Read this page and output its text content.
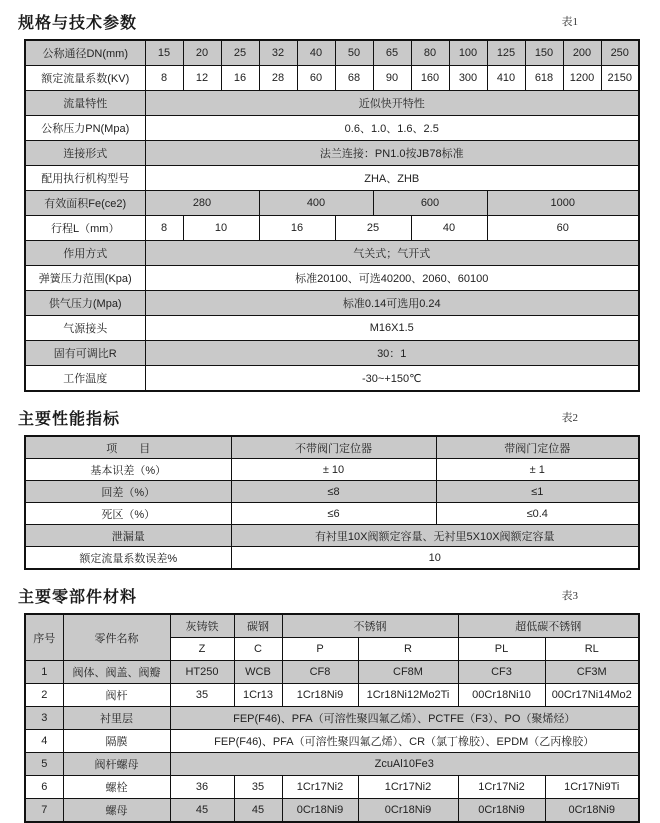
规格与技术参数	表1
公称通径DN(mm)	15	20	25	32	40	50	65	80	100	125	150	200	250
额定流量系数(KV)	8	12	16	28	60	68	90	160	300	410	618	1200	2150
流量特性	近似快开特性												
公称压力PN(Mpa)	0.6、1.0、1.6、2.5												
连接形式	法兰连接：PN1.0按JB78标准												
配用执行机构型号	ZHA、ZHB												
有效面积Fe(ce2)	280			400			600			1000			
行程L（mm）	8	10		16		25		40		60			
作用方式	气关式；气开式												
弹簧压力范围(Kpa)	标准20100、可选40200、2060、60100												
供气压力(Mpa)	标准0.14可选用0.24												
气源接头	M16X1.5												
固有可调比R	30：1												
工作温度	-30~+150℃												
主要性能指标	表2
项　　目	不带阀门定位器	带阀门定位器
基本识差（%）	± 10	± 1
回差（%）	≤8	≤1
死区（%）	≤6	≤0.4
泄漏量	有衬里10X阀额定容量、无衬里5X10X阀额定容量	
额定流量系数误差%	10	
主要零部件材料	表3
序号	零件名称	灰铸铁	碳钢	不锈钢		超低碳不锈钢	
		Z	C	P	R	PL	RL
1	阀体、阀盖、阀瓣	HT250	WCB	CF8	CF8M	CF3	CF3M
2	阀杆	35	1Cr13	1Cr18Ni9	1Cr18Ni12Mo2Ti	00Cr18Ni10	00Cr17Ni14Mo2
3	衬里层	FEP(F46)、PFA（可溶性聚四氟乙烯）、PCTFE（F3）、PO（聚烯烃）					
4	隔膜	FEP(F46)、PFA（可溶性聚四氟乙烯）、CR（氯丁橡胶）、EPDM（乙丙橡胶）					
5	阀杆螺母	ZcuAl10Fe3					
6	螺栓	36	35	1Cr17Ni2	1Cr17Ni2	1Cr17Ni2	1Cr17Ni9Ti
7	螺母	45	45	0Cr18Ni9	0Cr18Ni9	0Cr18Ni9	0Cr18Ni9
